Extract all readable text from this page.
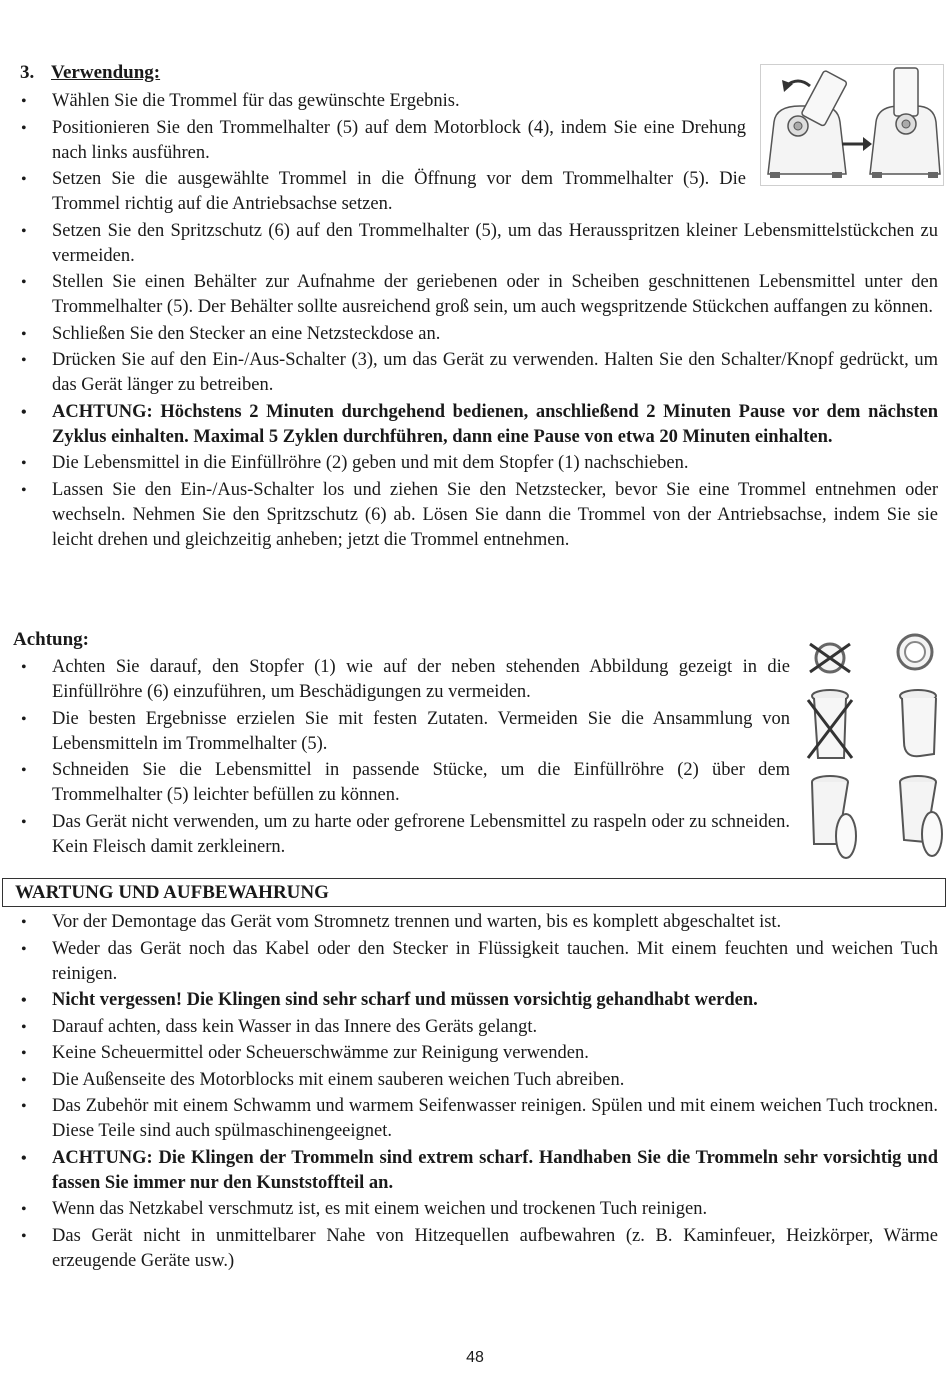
3. Verwendung:
• Wählen Sie die Trommel für das gewünschte Ergebnis.
• Positionieren Sie den Trommelhalter (5) auf dem Motorblock (4), indem Sie eine Drehung nach links ausführen.
• Setzen Sie die ausgewählte Trommel in die Öffnung vor dem Trommelhalter (5). Die Trommel richtig auf die Antriebsachse setzen.
• Setzen Sie den Spritzschutz (6) auf den Trommelhalter (5), um das Herausspritzen kleiner Lebensmittelstückchen zu vermeiden.
• Stellen Sie einen Behälter zur Aufnahme der geriebenen oder in Scheiben geschnittenen Lebensmittel unter den Trommelhalter (5). Der Behälter sollte ausreichend groß sein, um auch wegspritzende Stückchen auffangen zu können.
• Schließen Sie den Stecker an eine Netzsteckdose an.
• Drücken Sie auf den Ein-/Aus-Schalter (3), um das Gerät zu verwenden. Halten Sie den Schalter/Knopf gedrückt, um das Gerät länger zu betreiben.
• ACHTUNG: Höchstens 2 Minuten durchgehend bedienen, anschließend 2 Minuten Pause vor dem nächsten Zyklus einhalten. Maximal 5 Zyklen durchführen, dann eine Pause von etwa 20 Minuten einhalten.
• Die Lebensmittel in die Einfüllröhre (2) geben und mit dem Stopfer (1) nachschieben.
• Lassen Sie den Ein-/Aus-Schalter los und ziehen Sie den Netzstecker, bevor Sie eine Trommel entnehmen oder wechseln. Nehmen Sie den Spritzschutz (6) ab. Lösen Sie dann die Trommel von der Antriebsachse, indem Sie sie leicht drehen und gleichzeitig anheben; jetzt die Trommel entnehmen.
Achtung:
• Achten Sie darauf, den Stopfer (1) wie auf der neben stehenden Abbildung gezeigt in die Einfüllröhre (6) einzuführen, um Beschädigungen zu vermeiden.
• Die besten Ergebnisse erzielen Sie mit festen Zutaten. Vermeiden Sie die Ansammlung von Lebensmitteln im Trommelhalter (5).
• Schneiden Sie die Lebensmittel in passende Stücke, um die Einfüllröhre (2) über dem Trommelhalter (5) leichter befüllen zu können.
• Das Gerät nicht verwenden, um zu harte oder gefrorene Lebensmittel zu raspeln oder zu schneiden. Kein Fleisch damit zerkleinern.
WARTUNG UND AUFBEWAHRUNG
• Vor der Demontage das Gerät vom Stromnetz trennen und warten, bis es komplett abgeschaltet ist.
• Weder das Gerät noch das Kabel oder den Stecker in Flüssigkeit tauchen. Mit einem feuchten und weichen Tuch reinigen.
• Nicht vergessen! Die Klingen sind sehr scharf und müssen vorsichtig gehandhabt werden.
• Darauf achten, dass kein Wasser in das Innere des Geräts gelangt.
• Keine Scheuermittel oder Scheuerschwämme zur Reinigung verwenden.
• Die Außenseite des Motorblocks mit einem sauberen weichen Tuch abreiben.
• Das Zubehör mit einem Schwamm und warmem Seifenwasser reinigen. Spülen und mit einem weichen Tuch trocknen. Diese Teile sind auch spülmaschinengeeignet.
• ACHTUNG: Die Klingen der Trommeln sind extrem scharf. Handhaben Sie die Trommeln sehr vorsichtig und fassen Sie immer nur den Kunststoffteil an.
• Wenn das Netzkabel verschmutz ist, es mit einem weichen und trockenen Tuch reinigen.
• Das Gerät nicht in unmittelbarer Nahe von Hitzequellen aufbewahren (z. B. Kaminfeuer, Heizkörper, Wärme erzeugende Geräte usw.)
48
